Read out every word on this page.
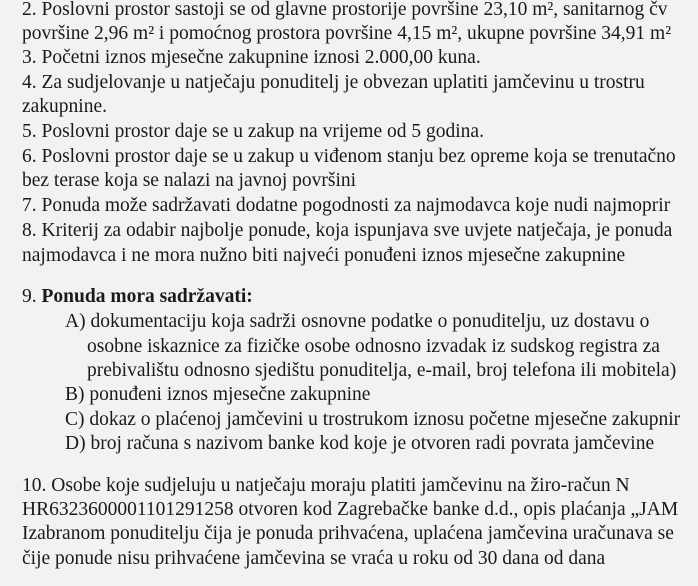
2. Poslovni prostor sastoji se od glavne prostorije površine 23,10 m², sanitarnog čv
površine 2,96 m² i pomoćnog prostora površine 4,15 m², ukupne površine 34,91 m²
3. Početni iznos mjesečne zakupnine iznosi 2.000,00 kuna.
4. Za sudjelovanje u natječaju ponuditelj je obvezan uplatiti jamčevinu u trostru
zakupnine.
5. Poslovni prostor daje se u zakup na vrijeme od 5 godina.
6. Poslovni prostor daje se u zakup u viđenom stanju bez opreme koja se trenutačno
bez terase koja se nalazi na javnoj površini
7. Ponuda može sadržavati dodatne pogodnosti za najmodavca koje nudi najmoprir
8. Kriterij za odabir najbolje ponude, koja ispunjava sve uvjete natječaja, je ponuda
najmodavca i ne mora nužno biti najveći ponuđeni iznos mjesečne zakupnine
9. Ponuda mora sadržavati:
A) dokumentaciju koja sadrži osnovne podatke o ponuditelju, uz dostavu o
osobne iskaznice za fizičke osobe odnosno izvadak iz sudskog registra za
prebivalištu odnosno sjedištu ponuditelja, e-mail, broj telefona ili mobitela)
B) ponuđeni iznos mjesečne zakupnine
C) dokaz o plaćenoj jamčevini u trostrukom iznosu početne mjesečne zakupnir
D) broj računa s nazivom banke kod koje je otvoren radi povrata jamčevine
10. Osobe koje sudjeluju u natječaju moraju platiti jamčevinu na žiro-račun N
HR6323600001101291258 otvoren kod Zagrebačke banke d.d., opis plaćanja „JAM
Izabranom ponuditelju čija je ponuda prihvaćena, uplaćena jamčevina uračunava se
čije ponude nisu prihvaćene jamčevina se vraća u roku od 30 dana od dana
